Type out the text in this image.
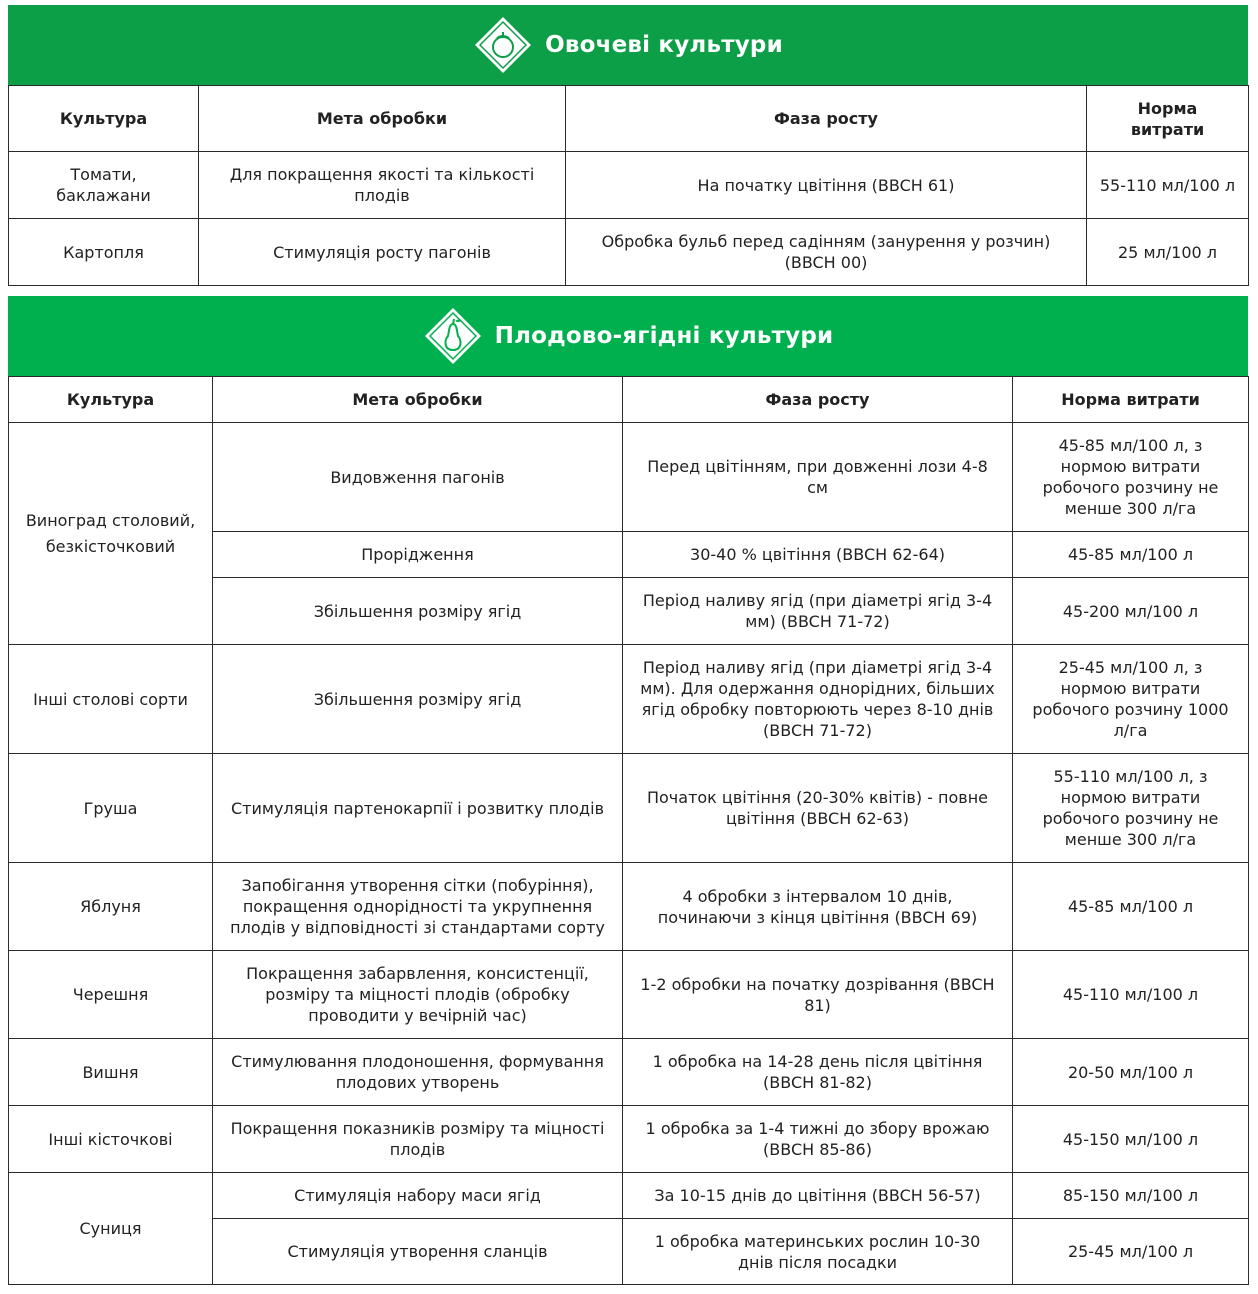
Овочеві культури
Культура	Мета обробки	Фаза росту	Норма витрати
Томати, баклажани	Для покращення якості та кількості плодів	На початку цвітіння (BBCH 61)	55-110 мл/100 л
Картопля	Стимуляція росту пагонів	Обробка бульб перед садінням (занурення у розчин) (BBCH 00)	25 мл/100 л
Плодово-ягідні культури
Культура	Мета обробки	Фаза росту	Норма витрати
Виноград столовий, безкісточковий	Видовження пагонів	Перед цвітінням, при довженні лози 4-8 см	45-85 мл/100 л, з нормою витрати робочого розчину не менше 300 л/га
	Прорідження	30-40 % цвітіння (BBCH 62-64)	45-85 мл/100 л
	Збільшення розміру ягід	Період наливу ягід (при діаметрі ягід 3-4 мм) (BBCH 71-72)	45-200 мл/100 л
Інші столові сорти	Збільшення розміру ягід	Період наливу ягід (при діаметрі ягід 3-4 мм). Для одержання однорідних, більших ягід обробку повторюють через 8-10 днів (BBCH 71-72)	25-45 мл/100 л, з нормою витрати робочого розчину 1000 л/га
Груша	Стимуляція партенокарпії і розвитку плодів	Початок цвітіння (20-30% квітів) - повне цвітіння (BBCH 62-63)	55-110 мл/100 л, з нормою витрати робочого розчину не менше 300 л/га
Яблуня	Запобігання утворення сітки (побуріння), покращення однорідності та укрупнення плодів у відповідності зі стандартами сорту	4 обробки з інтервалом 10 днів, починаючи з кінця цвітіння (BBCH 69)	45-85 мл/100 л
Черешня	Покращення забарвлення, консистенції, розміру та міцності плодів (обробку проводити у вечірній час)	1-2 обробки на початку дозрівання (BBCH 81)	45-110 мл/100 л
Вишня	Стимулювання плодоношення, формування плодових утворень	1 обробка на 14-28 день після цвітіння (BBCH 81-82)	20-50 мл/100 л
Інші кісточкові	Покращення показників розміру та міцності плодів	1 обробка за 1-4 тижні до збору врожаю (BBCH 85-86)	45-150 мл/100 л
Суниця	Стимуляція набору маси ягід	За 10-15 днів до цвітіння (BBCH 56-57)	85-150 мл/100 л
	Стимуляція утворення сланців	1 обробка материнських рослин 10-30 днів після посадки	25-45 мл/100 л
